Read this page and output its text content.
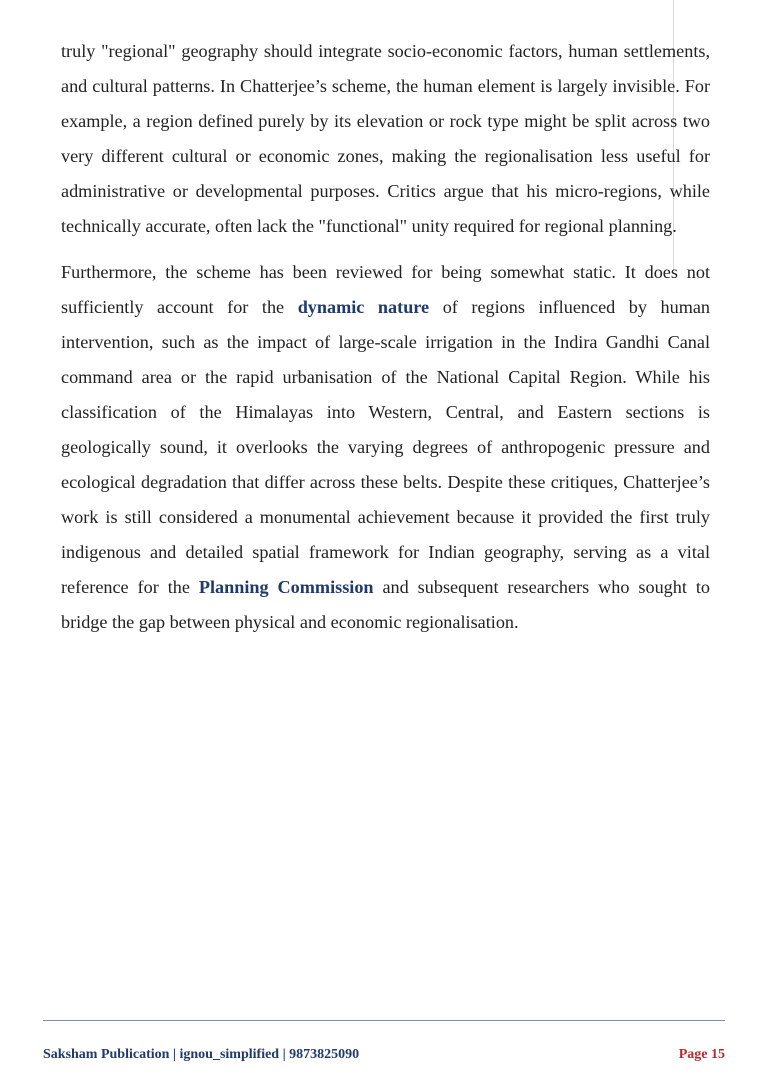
truly "regional" geography should integrate socio-economic factors, human settlements, and cultural patterns. In Chatterjee’s scheme, the human element is largely invisible. For example, a region defined purely by its elevation or rock type might be split across two very different cultural or economic zones, making the regionalisation less useful for administrative or developmental purposes. Critics argue that his micro-regions, while technically accurate, often lack the "functional" unity required for regional planning.

Furthermore, the scheme has been reviewed for being somewhat static. It does not sufficiently account for the dynamic nature of regions influenced by human intervention, such as the impact of large-scale irrigation in the Indira Gandhi Canal command area or the rapid urbanisation of the National Capital Region. While his classification of the Himalayas into Western, Central, and Eastern sections is geologically sound, it overlooks the varying degrees of anthropogenic pressure and ecological degradation that differ across these belts. Despite these critiques, Chatterjee’s work is still considered a monumental achievement because it provided the first truly indigenous and detailed spatial framework for Indian geography, serving as a vital reference for the Planning Commission and subsequent researchers who sought to bridge the gap between physical and economic regionalisation.

Saksham Publication | ignou_simplified | 9873825090	Page 15
